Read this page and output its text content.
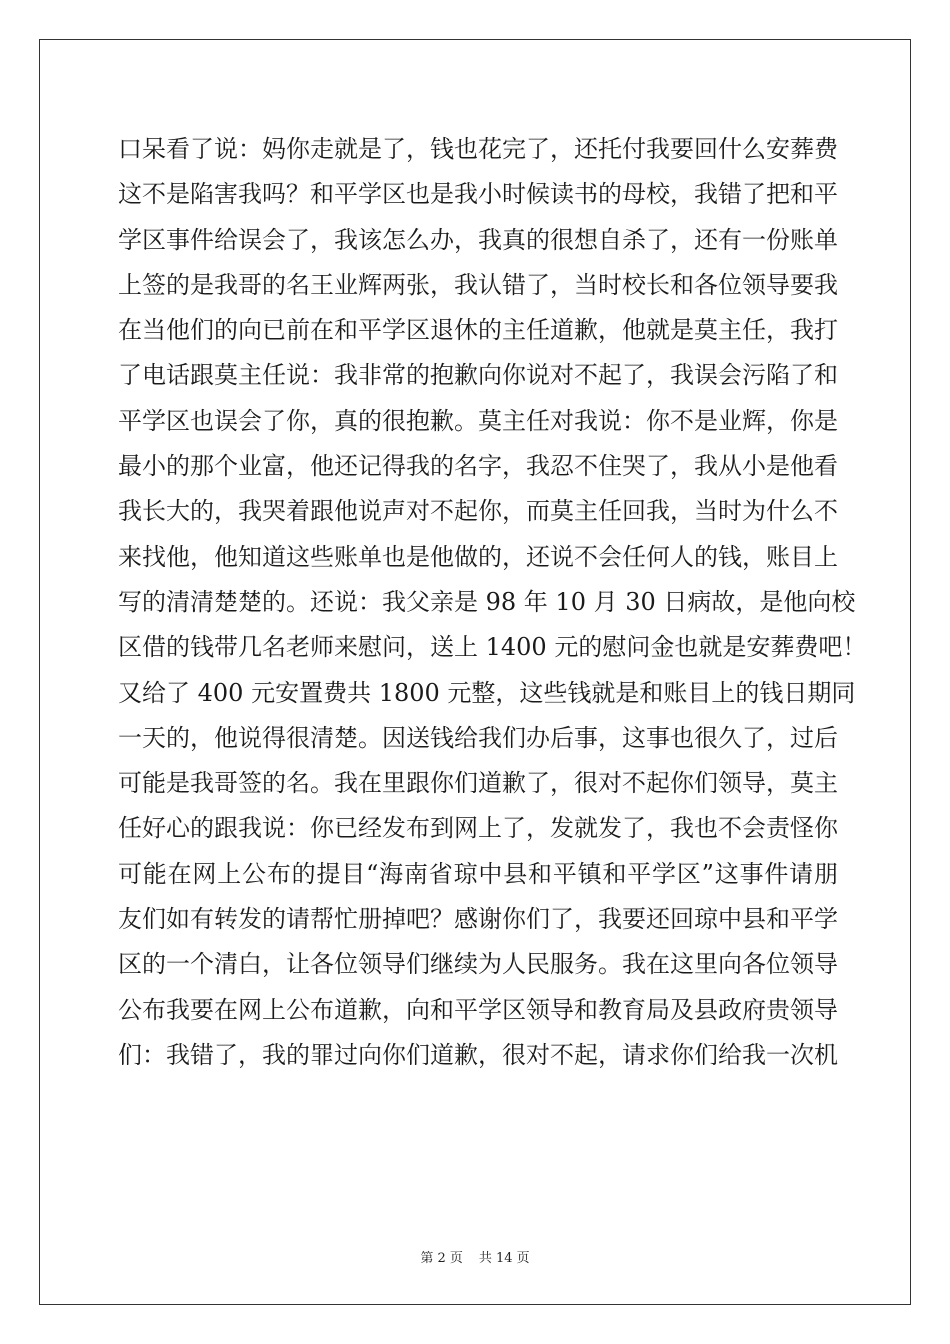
口呆看了说：妈你走就是了，钱也花完了，还托付我要回什么安葬费
这不是陷害我吗？和平学区也是我小时候读书的母校，我错了把和平
学区事件给误会了，我该怎么办，我真的很想自杀了，还有一份账单
上签的是我哥的名王业辉两张，我认错了，当时校长和各位领导要我
在当他们的向已前在和平学区退休的主任道歉，他就是莫主任，我打
了电话跟莫主任说：我非常的抱歉向你说对不起了，我误会污陷了和
平学区也误会了你，真的很抱歉。莫主任对我说：你不是业辉，你是
最小的那个业富，他还记得我的名字，我忍不住哭了，我从小是他看
我长大的，我哭着跟他说声对不起你，而莫主任回我，当时为什么不
来找他，他知道这些账单也是他做的，还说不会任何人的钱，账目上
写的清清楚楚的。还说：我父亲是 98 年 10 月 30 日病故，是他向校
区借的钱带几名老师来慰问，送上 1400 元的慰问金也就是安葬费吧！
又给了 400 元安置费共 1800 元整，这些钱就是和账目上的钱日期同
一天的，他说得很清楚。因送钱给我们办后事，这事也很久了，过后
可能是我哥签的名。我在里跟你们道歉了，很对不起你们领导，莫主
任好心的跟我说：你已经发布到网上了，发就发了，我也不会责怪你
可能在网上公布的提目“海南省琼中县和平镇和平学区”这事件请朋
友们如有转发的请帮忙册掉吧？感谢你们了，我要还回琼中县和平学
区的一个清白，让各位领导们继续为人民服务。我在这里向各位领导
公布我要在网上公布道歉，向和平学区领导和教育局及县政府贵领导
们：我错了，我的罪过向你们道歉，很对不起，请求你们给我一次机
第 2 页 共 14 页
